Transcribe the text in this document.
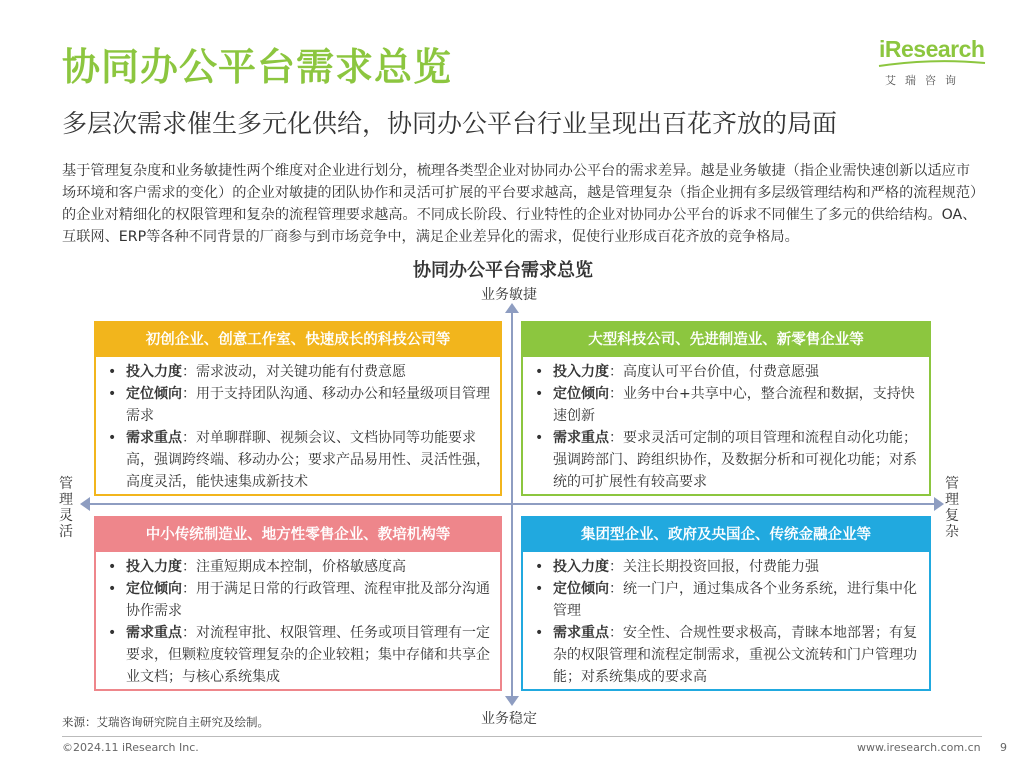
协同办公平台需求总览	iResearch
艾瑞咨询
多层次需求催生多元化供给，协同办公平台行业呈现出百花齐放的局面
基于管理复杂度和业务敏捷性两个维度对企业进行划分，梳理各类型企业对协同办公平台的需求差异。越是业务敏捷（指企业需快速创新以适应市场环境和客户需求的变化）的企业对敏捷的团队协作和灵活可扩展的平台要求越高，越是管理复杂（指企业拥有多层级管理结构和严格的流程规范）的企业对精细化的权限管理和复杂的流程管理要求越高。不同成长阶段、行业特性的企业对协同办公平台的诉求不同催生了多元的供给结构。OA、互联网、ERP等各种不同背景的厂商参与到市场竞争中，满足企业差异化的需求，促使行业形成百花齐放的竞争格局。
协同办公平台需求总览
业务敏捷
业务稳定
管理灵活
管理复杂
初创企业、创意工作室、快速成长的科技公司等
• 投入力度：需求波动，对关键功能有付费意愿
• 定位倾向：用于支持团队沟通、移动办公和轻量级项目管理需求
• 需求重点：对单聊群聊、视频会议、文档协同等功能要求高，强调跨终端、移动办公；要求产品易用性、灵活性强，高度灵活，能快速集成新技术
大型科技公司、先进制造业、新零售企业等
• 投入力度：高度认可平台价值，付费意愿强
• 定位倾向：业务中台+共享中心，整合流程和数据，支持快速创新
• 需求重点：要求灵活可定制的项目管理和流程自动化功能；强调跨部门、跨组织协作，及数据分析和可视化功能；对系统的可扩展性有较高要求
中小传统制造业、地方性零售企业、教培机构等
• 投入力度：注重短期成本控制，价格敏感度高
• 定位倾向：用于满足日常的行政管理、流程审批及部分沟通协作需求
• 需求重点：对流程审批、权限管理、任务或项目管理有一定要求，但颗粒度较管理复杂的企业较粗；集中存储和共享企业文档；与核心系统集成
集团型企业、政府及央国企、传统金融企业等
• 投入力度：关注长期投资回报，付费能力强
• 定位倾向：统一门户，通过集成各个业务系统，进行集中化管理
• 需求重点：安全性、合规性要求极高，青睐本地部署；有复杂的权限管理和流程定制需求，重视公文流转和门户管理功能；对系统集成的要求高
来源：艾瑞咨询研究院自主研究及绘制。
©2024.11 iResearch Inc.	www.iresearch.com.cn 9
